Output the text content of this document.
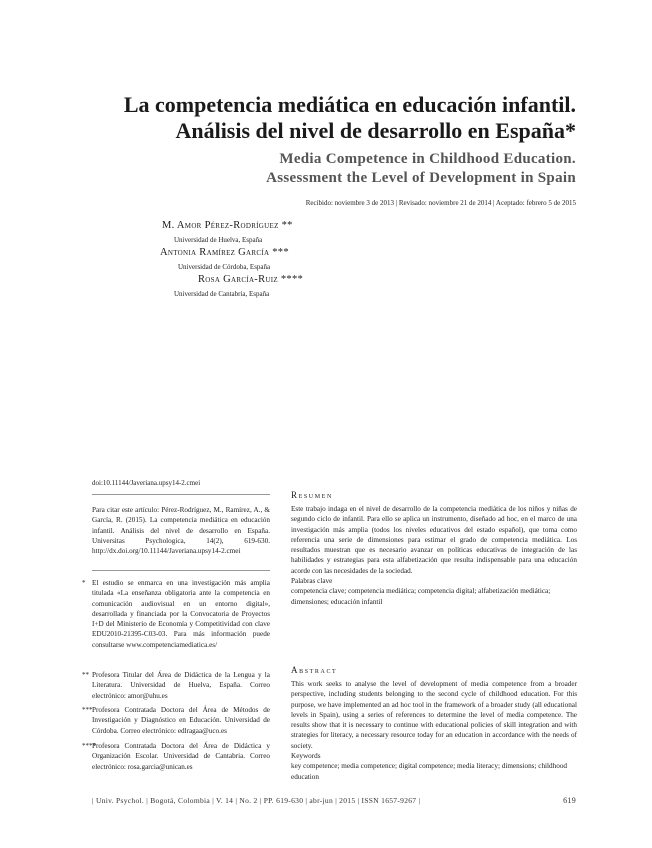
La competencia mediática en educación infantil.
Análisis del nivel de desarrollo en España*
Media Competence in Childhood Education.
Assessment the Level of Development in Spain
Recibido: noviembre 3 de 2013 | Revisado: noviembre 21 de 2014 | Aceptado: febrero 5 de 2015
M. Amor Pérez-Rodríguez **
Universidad de Huelva, España
Antonia Ramírez García ***
Universidad de Córdoba, España
Rosa García-Ruiz ****
Universidad de Cantabria, España
doi:10.11144/Javeriana.upsy14-2.cmei
Para citar este artículo: Pérez-Rodríguez, M., Ramírez, A., & García, R. (2015). La competencia mediática en educación infantil. Análisis del nivel de desarrollo en España. Universitas Psychologica, 14(2), 619-630. http://dx.doi.org/10.11144/Javeriana.upsy14-2.cmei
* El estudio se enmarca en una investigación más amplia titulada «La enseñanza obligatoria ante la competencia en comunicación audiovisual en un entorno digital», desarrollada y financiada por la Convocatoria de Proyectos I+D del Ministerio de Economía y Competitividad con clave EDU2010-21395-C03-03. Para más información puede consultarse www.competenciamediatica.es/
** Profesora Titular del Área de Didáctica de la Lengua y la Literatura. Universidad de Huelva, España. Correo electrónico: amor@uhu.es
*** Profesora Contratada Doctora del Área de Métodos de Investigación y Diagnóstico en Educación. Universidad de Córdoba. Correo electrónico: edlragaa@uco.es
****
Profesora Contratada Doctora del Área de Didáctica y Organización Escolar. Universidad de Cantabria. Correo electrónico: rosa.garcia@unican.es
Resumen
Este trabajo indaga en el nivel de desarrollo de la competencia mediática de los niños y niñas de segundo ciclo de infantil. Para ello se aplica un instrumento, diseñado ad hoc, en el marco de una investigación más amplia (todos los niveles educativos del estado español), que toma como referencia una serie de dimensiones para estimar el grado de competencia mediática. Los resultados muestran que es necesario avanzar en políticas educativas de integración de las habilidades y estrategias para esta alfabetización que resulta indispensable para una educación acorde con las necesidades de la sociedad.
Palabras clave
competencia clave; competencia mediática; competencia digital; alfabetización mediática; dimensiones; educación infantil
Abstract
This work seeks to analyse the level of development of media competence from a broader perspective, including students belonging to the second cycle of childhood education. For this purpose, we have implemented an ad hoc tool in the framework of a broader study (all educational levels in Spain), using a series of references to determine the level of media competence. The results show that it is necessary to continue with educational policies of skill integration and with strategies for literacy, a necessary resource today for an education in accordance with the needs of society.
Keywords
key competence; media competence; digital competence; media literacy; dimensions; childhood education
| Univ. Psychol. | Bogotá, Colombia | V. 14 | No. 2 | PP. 619-630 | abr-jun | 2015 | ISSN 1657-9267 |	619
